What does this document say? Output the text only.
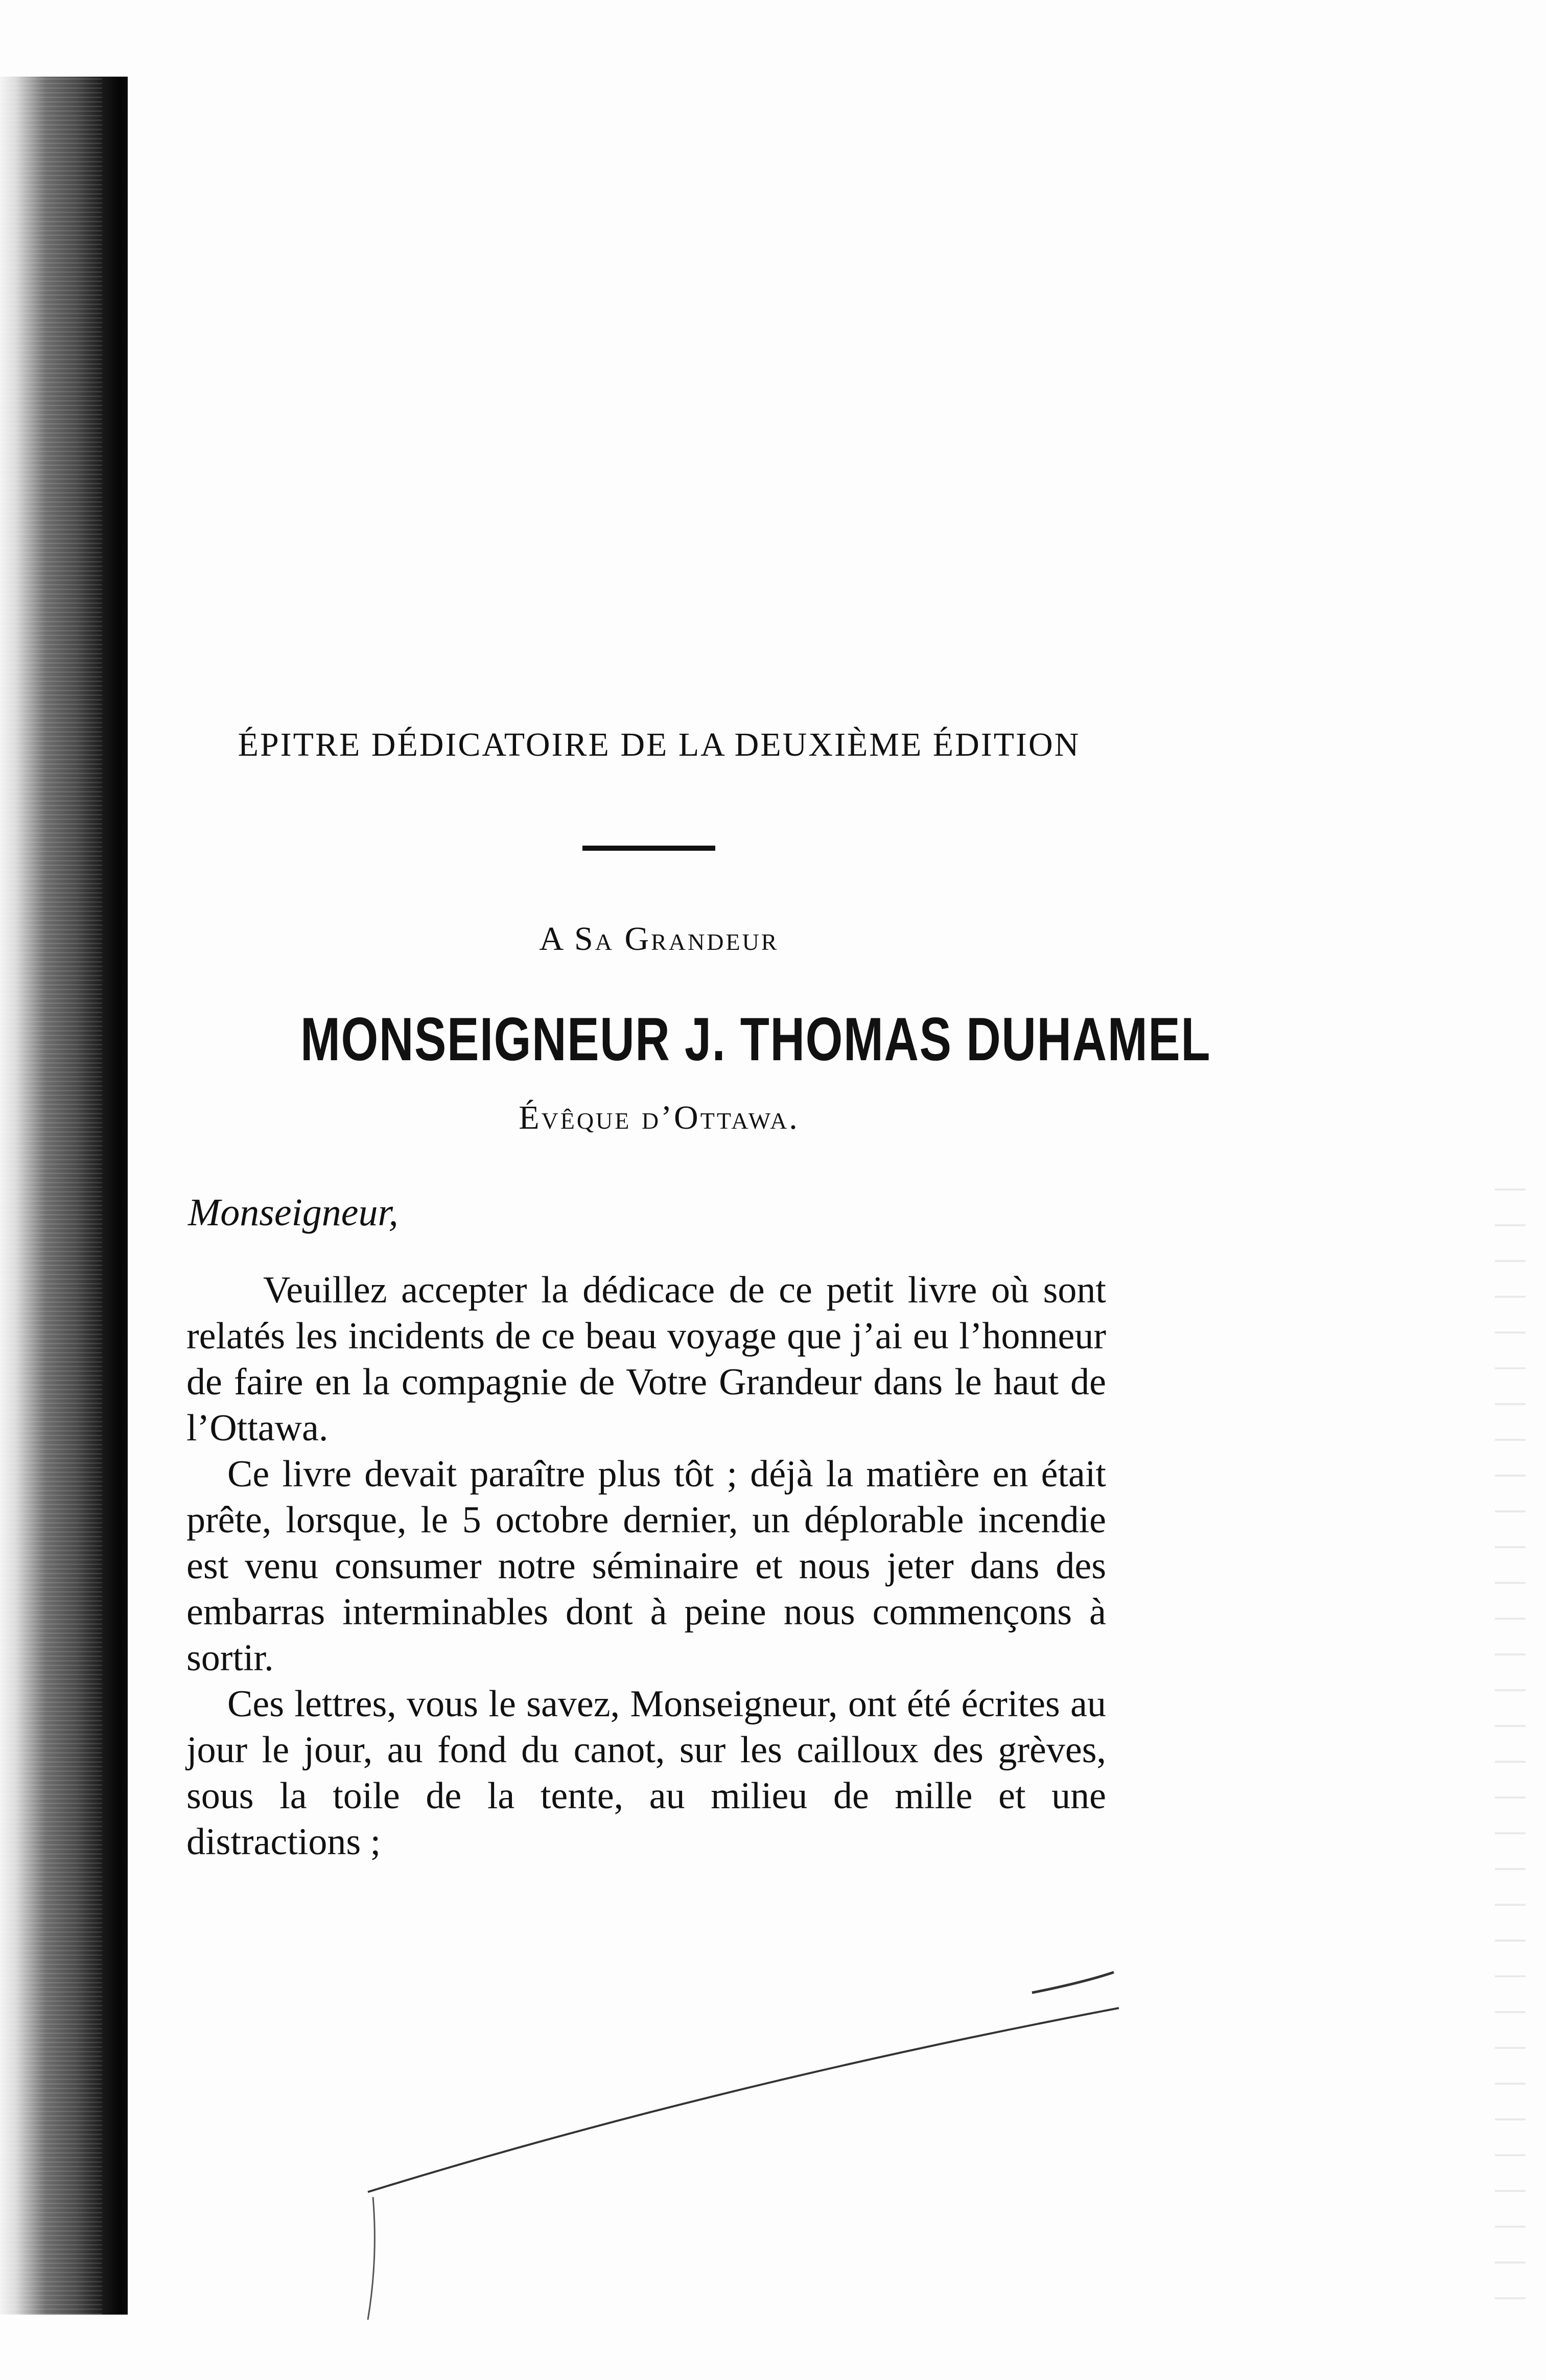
ÉPITRE DÉDICATOIRE DE LA DEUXIÈME ÉDITION
A Sa Grandeur
MONSEIGNEUR J. THOMAS DUHAMEL
Évêque d’Ottawa.
Monseigneur,

Veuillez accepter la dédicace de ce petit livre où sont relatés les incidents de ce beau voyage que j’ai eu l’honneur de faire en la compagnie de Votre Grandeur dans le haut de l’Ottawa.

Ce livre devait paraître plus tôt ; déjà la matière en était prête, lorsque, le 5 octobre dernier, un déplorable incendie est venu consumer notre séminaire et nous jeter dans des embarras interminables dont à peine nous commençons à sortir.

Ces lettres, vous le savez, Monseigneur, ont été écrites au jour le jour, au fond du canot, sur les cailloux des grèves, sous la toile de la tente, au milieu de mille et une distractions ;
